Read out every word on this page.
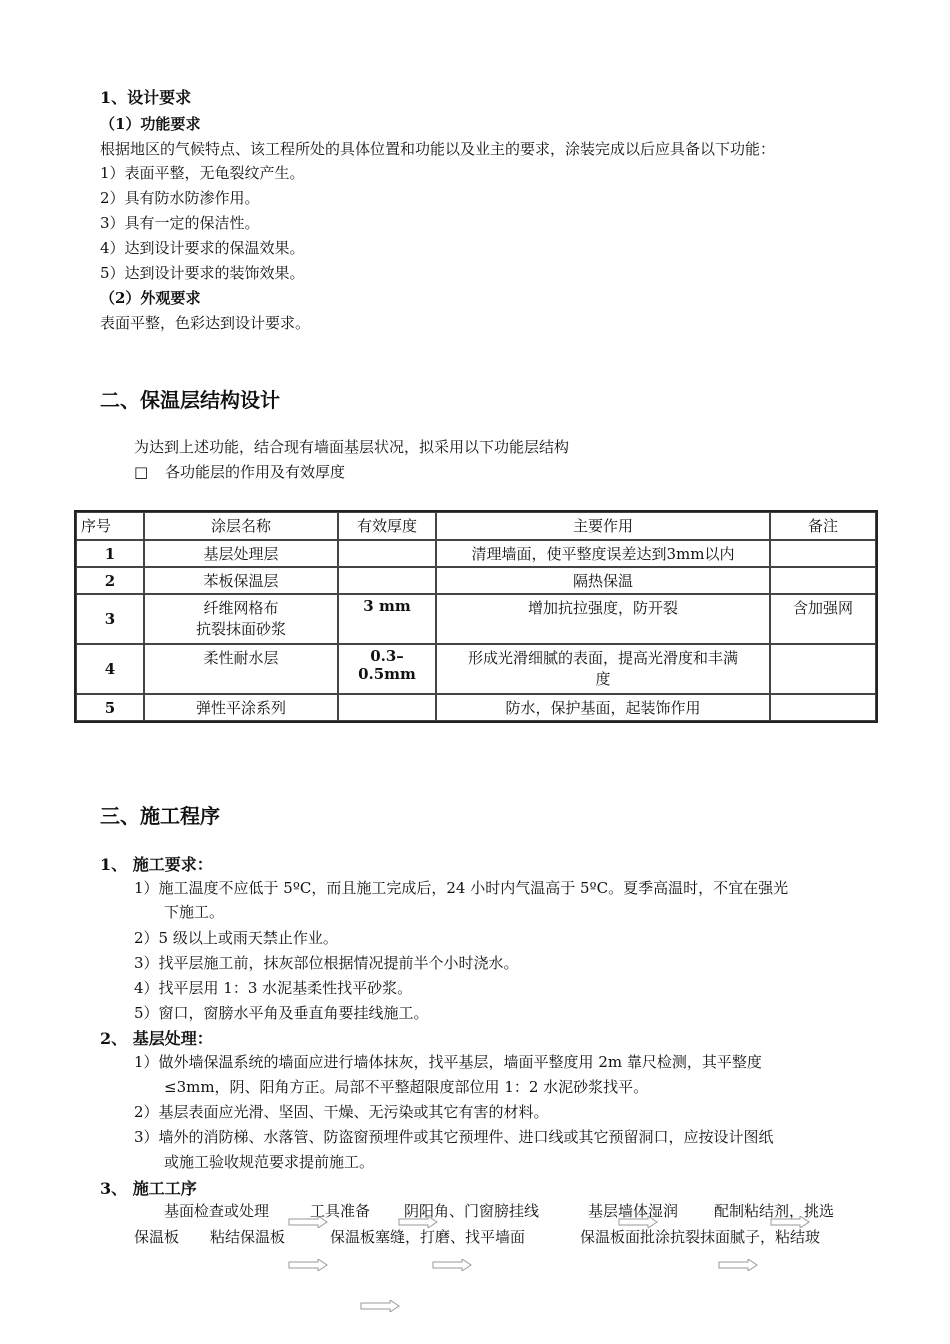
1、设计要求
（1）功能要求
根据地区的气候特点、该工程所处的具体位置和功能以及业主的要求，涂装完成以后应具备以下功能：
1）表面平整，无龟裂纹产生。
2）具有防水防渗作用。
3）具有一定的保洁性。
4）达到设计要求的保温效果。
5）达到设计要求的装饰效果。
（2）外观要求
表面平整，色彩达到设计要求。
二、保温层结构设计
为达到上述功能，结合现有墙面基层状况，拟采用以下功能层结构
□ 各功能层的作用及有效厚度
序号	涂层名称	有效厚度	主要作用	备注
1	基层处理层		清理墙面，使平整度误差达到3mm以内	
2	苯板保温层		隔热保温	
3	纤维网格布
抗裂抹面砂浆	3 mm	增加抗拉强度，防开裂	含加强网
4	柔性耐水层	0.3–0.5mm	形成光滑细腻的表面，提高光滑度和丰满
度	

5	弹性平涂系列		防水，保护基面，起装饰作用	
三、施工程序
1、 施工要求：
1）施工温度不应低于 5ºC，而且施工完成后，24 小时内气温高于 5ºC。夏季高温时，不宜在强光
下施工。
2）5 级以上或雨天禁止作业。
3）找平层施工前，抹灰部位根据情况提前半个小时浇水。
4）找平层用 1：3 水泥基柔性找平砂浆。
5）窗口，窗膀水平角及垂直角要挂线施工。
2、 基层处理：
1）做外墙保温系统的墙面应进行墙体抹灰，找平基层，墙面平整度用 2m 靠尺检测，其平整度
≤3mm，阴、阳角方正。局部不平整超限度部位用 1：2 水泥砂浆找平。
2）基层表面应光滑、坚固、干燥、无污染或其它有害的材料。
3）墙外的消防梯、水落管、防盗窗预埋件或其它预埋件、进口线或其它预留洞口，应按设计图纸
或施工验收规范要求提前施工。
3、 施工工序
基面检查或处理	工具准备 阴阳角、门窗膀挂线	基层墙体湿润 配制粘结剂，挑选
保温板 粘结保温板	保温板塞缝，打磨、找平墙面	保温板面批涂抗裂抹面腻子，粘结玻
